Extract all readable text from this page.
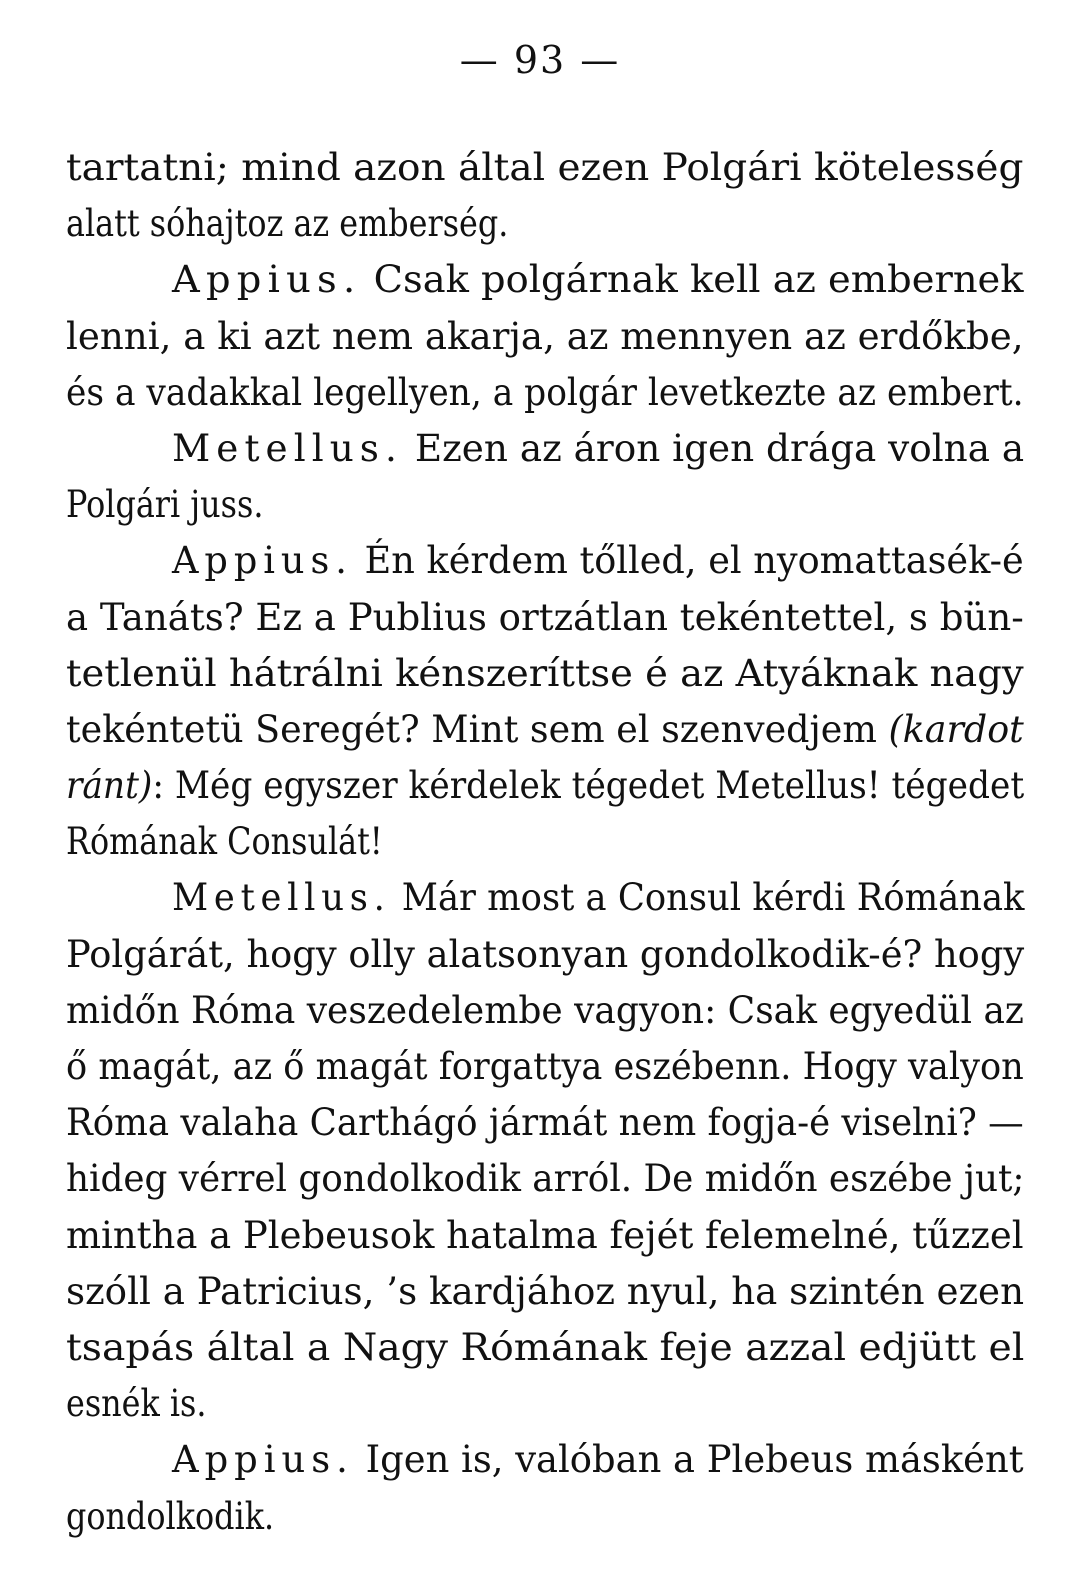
— 93 —
tartatni; mind azon által ezen Polgári kötelesség
alatt sóhajtoz az emberség.
Appius. Csak polgárnak kell az embernek
lenni, a ki azt nem akarja, az mennyen az erdőkbe,
és a vadakkal legellyen, a polgár levetkezte az embert.
Metellus. Ezen az áron igen drága volna a
Polgári juss.
Appius. Én kérdem tőlled, el nyomattasék-é
a Tanáts? Ez a Publius ortzátlan tekéntettel, s bün-
tetlenül hátrálni kénszeríttse é az Atyáknak nagy
tekéntetü Seregét? Mint sem el szenvedjem (kardot
ránt): Még egyszer kérdelek tégedet Metellus! tégedet
Rómának Consulát!
Metellus. Már most a Consul kérdi Rómának
Polgárát, hogy olly alatsonyan gondolkodik-é? hogy
midőn Róma veszedelembe vagyon: Csak egyedül az
ő magát, az ő magát forgattya eszébenn. Hogy valyon
Róma valaha Carthágó jármát nem fogja-é viselni? —
hideg vérrel gondolkodik arról. De midőn eszébe jut;
mintha a Plebeusok hatalma fejét felemelné, tűzzel
szóll a Patricius, ’s kardjához nyul, ha szintén ezen
tsapás által a Nagy Rómának feje azzal edjütt el
esnék is.
Appius. Igen is, valóban a Plebeus másként
gondolkodik.
